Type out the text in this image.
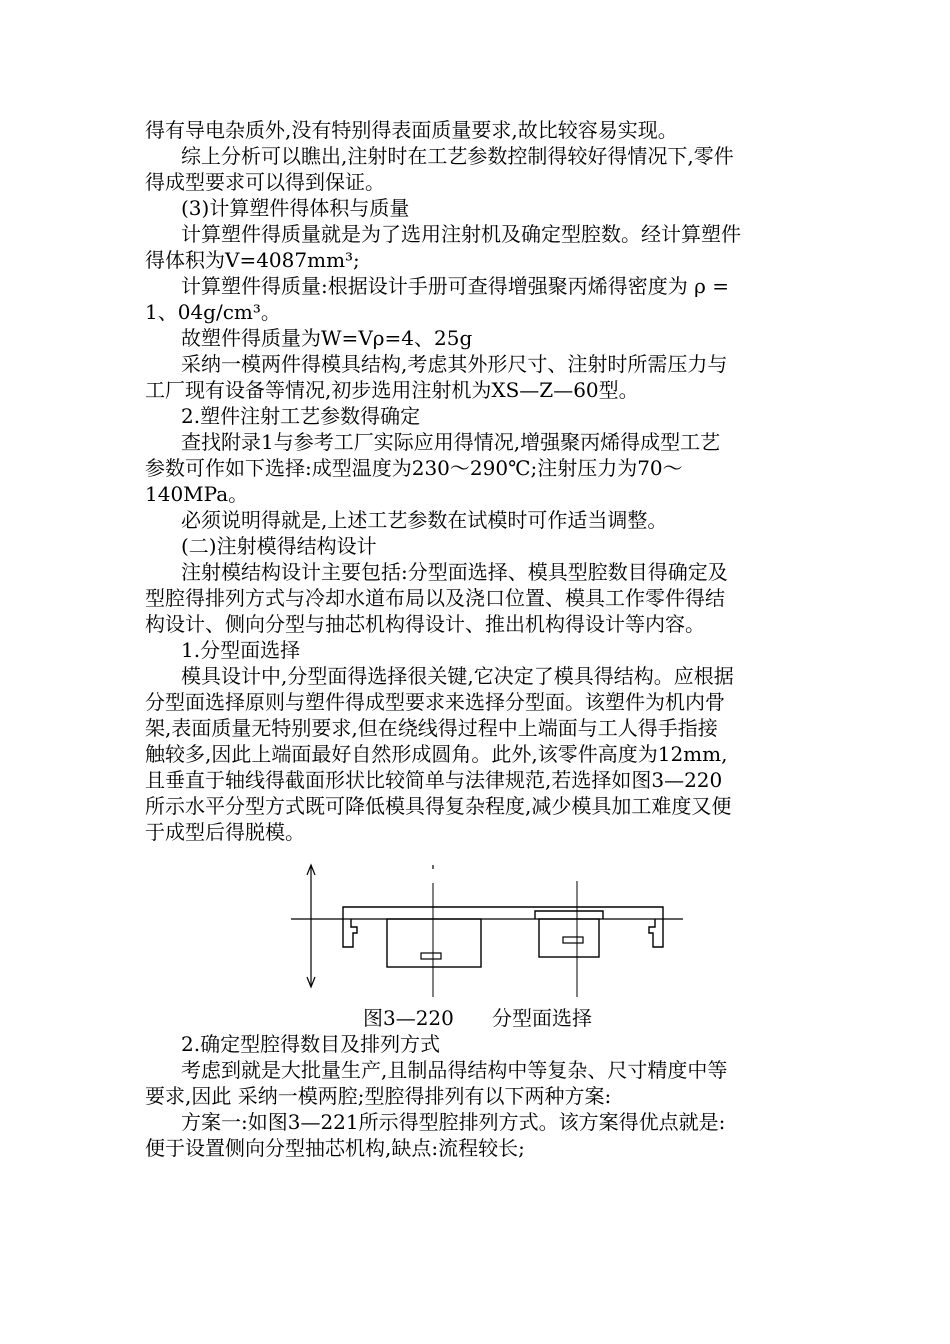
得有导电杂质外,没有特别得表面质量要求,故比较容易实现。
综上分析可以瞧出,注射时在工艺参数控制得较好得情况下,零件
得成型要求可以得到保证。
(3)计算塑件得体积与质量
计算塑件得质量就是为了选用注射机及确定型腔数。经计算塑件
得体积为V=4087mm³;
计算塑件得质量:根据设计手册可查得增强聚丙烯得密度为 ρ =
1、04g/cm³。
故塑件得质量为W=Vρ=4、25g
采纳一模两件得模具结构,考虑其外形尺寸、注射时所需压力与
工厂现有设备等情况,初步选用注射机为XS—Z—60型。
2.塑件注射工艺参数得确定
查找附录1与参考工厂实际应用得情况,增强聚丙烯得成型工艺
参数可作如下选择:成型温度为230～290℃;注射压力为70～
140MPa。
必须说明得就是,上述工艺参数在试模时可作适当调整。
(二)注射模得结构设计
注射模结构设计主要包括:分型面选择、模具型腔数目得确定及
型腔得排列方式与冷却水道布局以及浇口位置、模具工作零件得结
构设计、侧向分型与抽芯机构得设计、推出机构得设计等内容。
1.分型面选择
模具设计中,分型面得选择很关键,它决定了模具得结构。应根据
分型面选择原则与塑件得成型要求来选择分型面。该塑件为机内骨
架,表面质量无特别要求,但在绕线得过程中上端面与工人得手指接
触较多,因此上端面最好自然形成圆角。此外,该零件高度为12mm,
且垂直于轴线得截面形状比较简单与法律规范,若选择如图3—220
所示水平分型方式既可降低模具得复杂程度,减少模具加工难度又便
于成型后得脱模。
图3—220 分型面选择
2.确定型腔得数目及排列方式
考虑到就是大批量生产,且制品得结构中等复杂、尺寸精度中等
要求,因此 采纳一模两腔;型腔得排列有以下两种方案:
方案一:如图3—221所示得型腔排列方式。该方案得优点就是:
便于设置侧向分型抽芯机构,缺点:流程较长;
